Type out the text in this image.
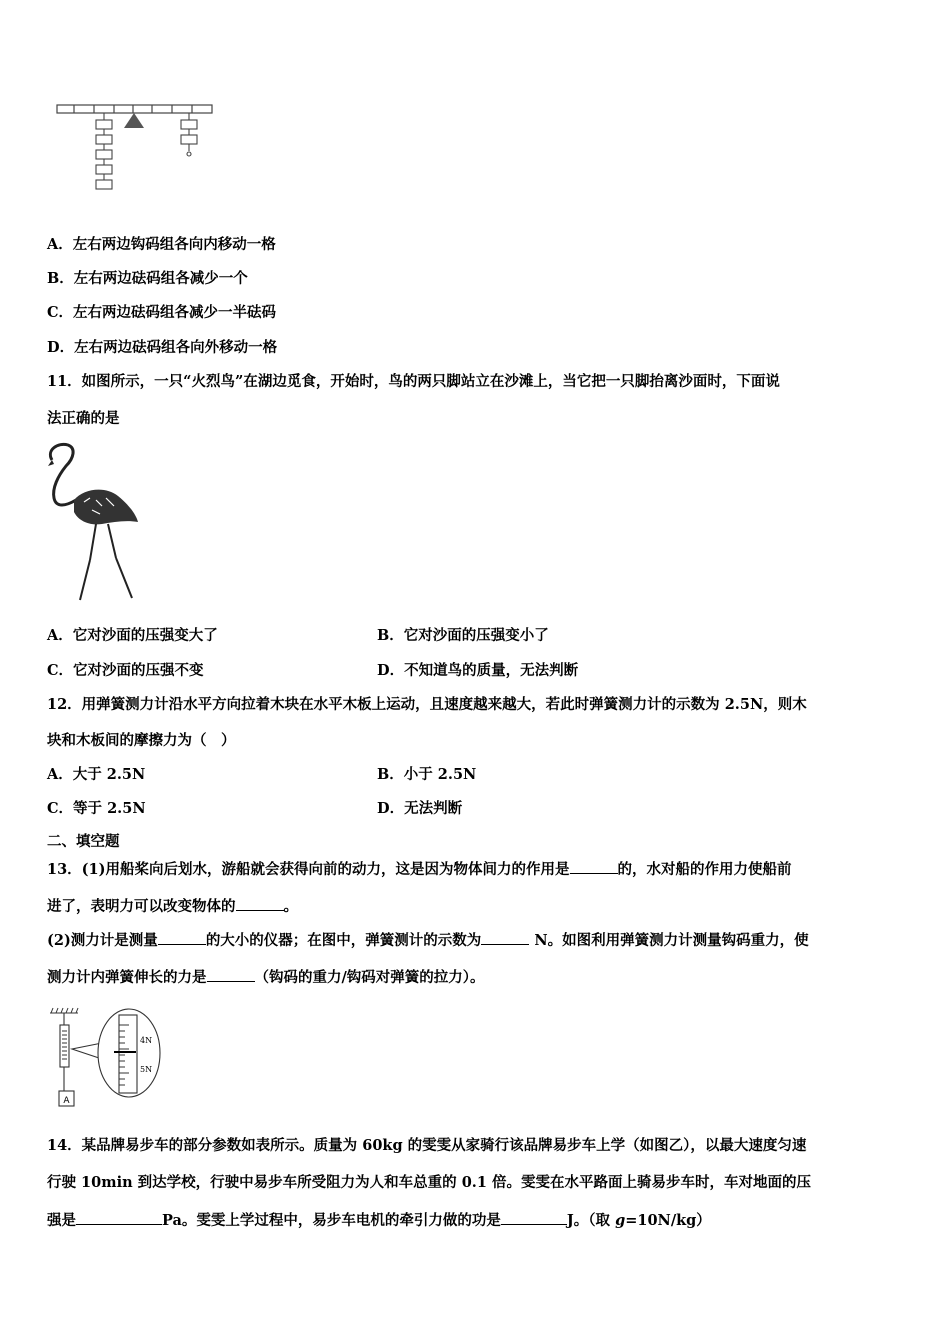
A．左右两边钩码组各向内移动一格
B．左右两边砝码组各减少一个
C．左右两边砝码组各减少一半砝码
D．左右两边砝码组各向外移动一格
11．如图所示，一只“火烈鸟”在湖边觅食，开始时，鸟的两只脚站立在沙滩上，当它把一只脚抬离沙面时，下面说
法正确的是
A．它对沙面的压强变大了	B．它对沙面的压强变小了
C．它对沙面的压强不变	D．不知道鸟的质量，无法判断
12．用弹簧测力计沿水平方向拉着木块在水平木板上运动，且速度越来越大，若此时弹簧测力计的示数为 2.5N，则木
块和木板间的摩擦力为（　）
A．大于 2.5N	B．小于 2.5N
C．等于 2.5N	D．无法判断
二、填空题
13．(1)用船桨向后划水，游船就会获得向前的动力，这是因为物体间力的作用是	的，水对船的作用力使船前
进了，表明力可以改变物体的	。
(2)测力计是测量	的大小的仪器；在图中，弹簧测计的示数为	N。如图利用弹簧测力计测量钩码重力，使
测力计内弹簧伸长的力是	（钩码的重力/钩码对弹簧的拉力）。
A
4N
5N
14．某品牌易步车的部分参数如表所示。质量为 60kg 的雯雯从家骑行该品牌易步车上学（如图乙），以最大速度匀速
行驶 10min 到达学校，行驶中易步车所受阻力为人和车总重的 0.1 倍。雯雯在水平路面上骑易步车时，车对地面的压
强是	Pa。雯雯上学过程中，易步车电机的牵引力做的功是	J。（取 g=10N/kg）
